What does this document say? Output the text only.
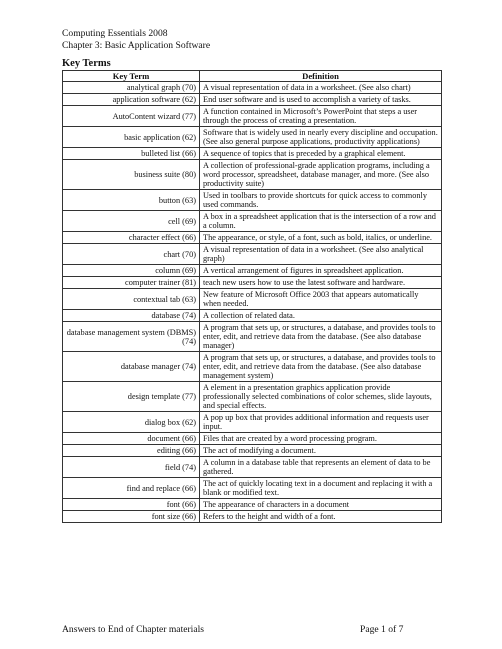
Computing Essentials 2008
Chapter 3: Basic Application Software
Key Terms
Key Term	Definition
analytical graph (70)	A visual representation of data in a worksheet. (See also chart)
application software (62)	End user software and is used to accomplish a variety of tasks.
AutoContent wizard (77)	A function contained in Microsoft’s PowerPoint that steps a user through the process of creating a presentation.
basic application (62)	Software that is widely used in nearly every discipline and occupation. (See also general purpose applications, productivity applications)
bulleted list (66)	A sequence of topics that is preceded by a graphical element.
business suite (80)	A collection of professional-grade application programs, including a word processor, spreadsheet, database manager, and more. (See also productivity suite)
button (63)	Used in toolbars to provide shortcuts for quick access to commonly used commands.
cell (69)	A box in a spreadsheet application that is the intersection of a row and a column.
character effect (66)	The appearance, or style, of a font, such as bold, italics, or underline.
chart (70)	A visual representation of data in a worksheet. (See also analytical graph)
column (69)	A vertical arrangement of figures in spreadsheet application.
computer trainer (81)	teach new users how to use the latest software and hardware.
contextual tab (63)	New feature of Microsoft Office 2003 that appears automatically when needed.
database (74)	A collection of related data.
database management system (DBMS) (74)	A program that sets up, or structures, a database, and provides tools to enter, edit, and retrieve data from the database. (See also database manager)
database manager (74)	A program that sets up, or structures, a database, and provides tools to enter, edit, and retrieve data from the database. (See also database management system)
design template (77)	A element in a presentation graphics application provide professionally selected combinations of color schemes, slide layouts, and special effects.
dialog box (62)	A pop up box that provides additional information and requests user input.
document (66)	Files that are created by a word processing program.
editing (66)	The act of modifying a document.
field (74)	A column in a database table that represents an element of data to be gathered.
find and replace (66)	The act of quickly locating text in a document and replacing it with a blank or modified text.
font (66)	The appearance of characters in a document
font size (66)	Refers to the height and width of a font.
Answers to End of Chapter materials	Page 1 of 7
